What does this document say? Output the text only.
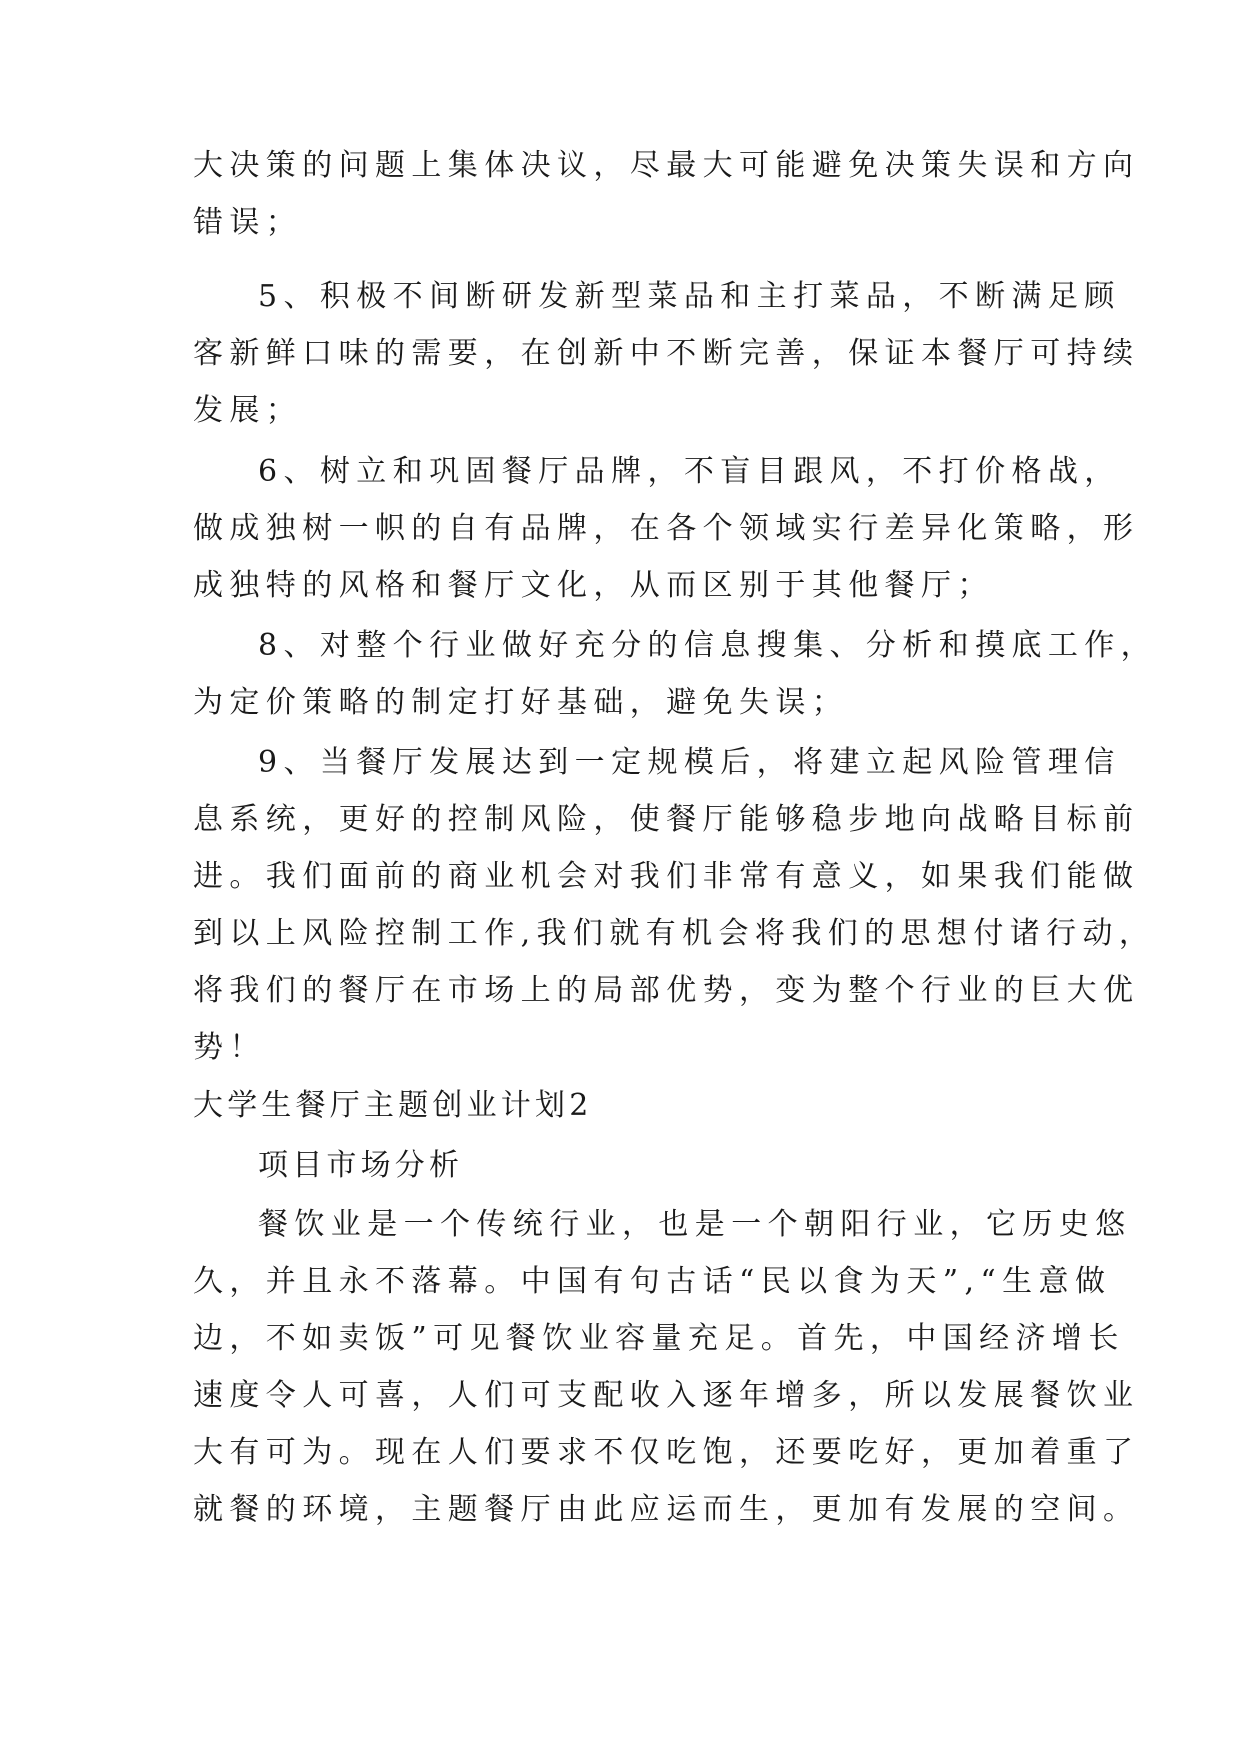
大决策的问题上集体决议，尽最大可能避免决策失误和方向
错误；
5、积极不间断研发新型菜品和主打菜品，不断满足顾
客新鲜口味的需要，在创新中不断完善，保证本餐厅可持续
发展；
6、树立和巩固餐厅品牌，不盲目跟风，不打价格战，
做成独树一帜的自有品牌，在各个领域实行差异化策略，形
成独特的风格和餐厅文化，从而区别于其他餐厅；
8、对整个行业做好充分的信息搜集、分析和摸底工作，
为定价策略的制定打好基础，避免失误；
9、当餐厅发展达到一定规模后，将建立起风险管理信
息系统，更好的控制风险，使餐厅能够稳步地向战略目标前
进。我们面前的商业机会对我们非常有意义，如果我们能做
到以上风险控制工作,我们就有机会将我们的思想付诸行动，
将我们的餐厅在市场上的局部优势，变为整个行业的巨大优
势！
大学生餐厅主题创业计划2
项目市场分析
餐饮业是一个传统行业，也是一个朝阳行业，它历史悠
久，并且永不落幕。中国有句古话“民以食为天”,“生意做
边，不如卖饭”可见餐饮业容量充足。首先，中国经济增长
速度令人可喜，人们可支配收入逐年增多，所以发展餐饮业
大有可为。现在人们要求不仅吃饱，还要吃好，更加着重了
就餐的环境，主题餐厅由此应运而生，更加有发展的空间。
